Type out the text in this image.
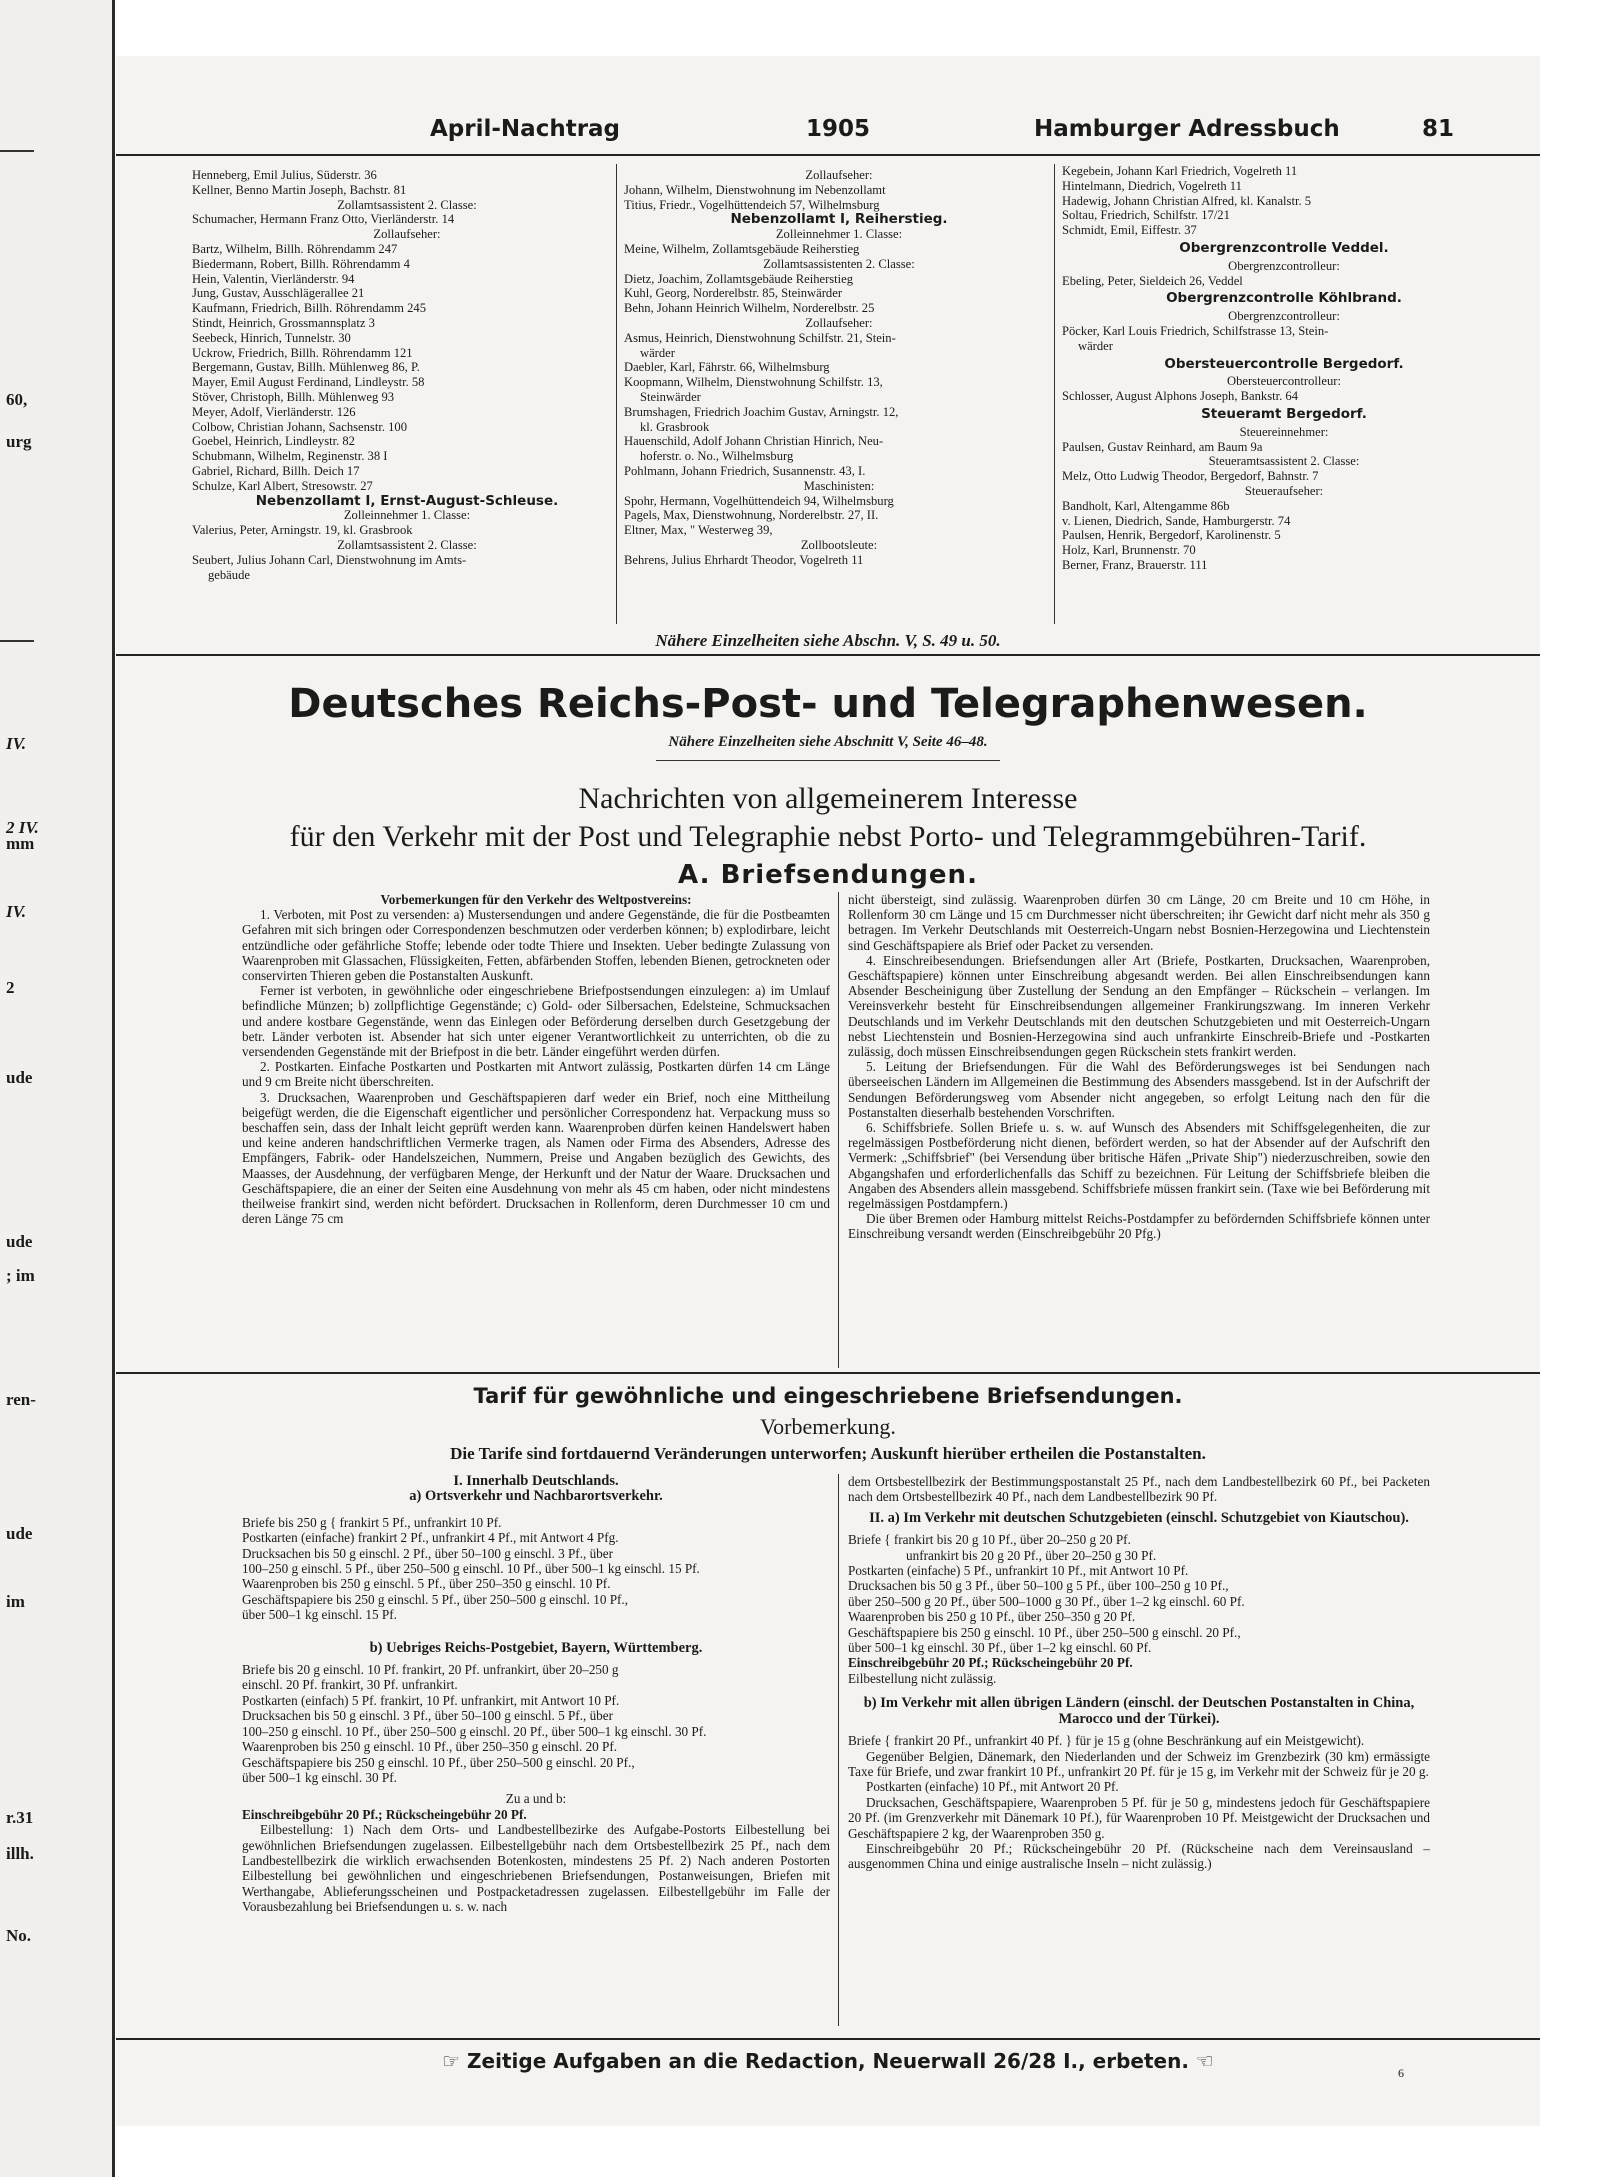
60,
urg
IV.
2 IV.
mm
IV.
2
ude
ude
; im
ren-
ude
im
r.31
illh.
No.
April-Nachtrag	1905	Hamburger Adressbuch	81
Henneberg, Emil Julius, Süderstr. 36
Kellner, Benno Martin Joseph, Bachstr. 81
Zollamtsassistent 2. Classe:
Schumacher, Hermann Franz Otto, Vierländerstr. 14
Zollaufseher:
Bartz, Wilhelm, Billh. Röhrendamm 247
Biedermann, Robert, Billh. Röhrendamm 4
Hein, Valentin, Vierländerstr. 94
Jung, Gustav, Ausschlägerallee 21
Kaufmann, Friedrich, Billh. Röhrendamm 245
Stindt, Heinrich, Grossmannsplatz 3
Seebeck, Hinrich, Tunnelstr. 30
Uckrow, Friedrich, Billh. Röhrendamm 121
Bergemann, Gustav, Billh. Mühlenweg 86, P.
Mayer, Emil August Ferdinand, Lindleystr. 58
Stöver, Christoph, Billh. Mühlenweg 93
Meyer, Adolf, Vierländerstr. 126
Colbow, Christian Johann, Sachsenstr. 100
Goebel, Heinrich, Lindleystr. 82
Schubmann, Wilhelm, Reginenstr. 38 I
Gabriel, Richard, Billh. Deich 17
Schulze, Karl Albert, Stresowstr. 27
Nebenzollamt I, Ernst-August-Schleuse.
Zolleinnehmer 1. Classe:
Valerius, Peter, Arningstr. 19, kl. Grasbrook
Zollamtsassistent 2. Classe:
Seubert, Julius Johann Carl, Dienstwohnung im Amts-
gebäude
Zollaufseher:
Johann, Wilhelm, Dienstwohnung im Nebenzollamt
Titius, Friedr., Vogelhüttendeich 57, Wilhelmsburg
Nebenzollamt I, Reiherstieg.
Zolleinnehmer 1. Classe:
Meine, Wilhelm, Zollamtsgebäude Reiherstieg
Zollamtsassistenten 2. Classe:
Dietz, Joachim, Zollamtsgebäude Reiherstieg
Kuhl, Georg, Norderelbstr. 85, Steinwärder
Behn, Johann Heinrich Wilhelm, Norderelbstr. 25
Zollaufseher:
Asmus, Heinrich, Dienstwohnung Schilfstr. 21, Stein-
wärder
Daebler, Karl, Fährstr. 66, Wilhelmsburg
Koopmann, Wilhelm, Dienstwohnung Schilfstr. 13,
Steinwärder
Brumshagen, Friedrich Joachim Gustav, Arningstr. 12,
kl. Grasbrook
Hauenschild, Adolf Johann Christian Hinrich, Neu-
hoferstr. o. No., Wilhelmsburg
Pohlmann, Johann Friedrich, Susannenstr. 43, I.
Maschinisten:
Spohr, Hermann, Vogelhüttendeich 94, Wilhelmsburg
Pagels, Max, Dienstwohnung, Norderelbstr. 27, II.
Eltner, Max, " Westerweg 39,
Zollbootsleute:
Behrens, Julius Ehrhardt Theodor, Vogelreth 11
Kegebein, Johann Karl Friedrich, Vogelreth 11
Hintelmann, Diedrich, Vogelreth 11
Hadewig, Johann Christian Alfred, kl. Kanalstr. 5
Soltau, Friedrich, Schilfstr. 17/21
Schmidt, Emil, Eiffestr. 37
Obergrenzcontrolle Veddel.
Obergrenzcontrolleur:
Ebeling, Peter, Sieldeich 26, Veddel
Obergrenzcontrolle Köhlbrand.
Obergrenzcontrolleur:
Pöcker, Karl Louis Friedrich, Schilfstrasse 13, Stein-
wärder
Obersteuercontrolle Bergedorf.
Obersteuercontrolleur:
Schlosser, August Alphons Joseph, Bankstr. 64
Steueramt Bergedorf.
Steuereinnehmer:
Paulsen, Gustav Reinhard, am Baum 9a
Steueramtsassistent 2. Classe:
Melz, Otto Ludwig Theodor, Bergedorf, Bahnstr. 7
Steueraufseher:
Bandholt, Karl, Altengamme 86b
v. Lienen, Diedrich, Sande, Hamburgerstr. 74
Paulsen, Henrik, Bergedorf, Karolinenstr. 5
Holz, Karl, Brunnenstr. 70
Berner, Franz, Brauerstr. 111
Nähere Einzelheiten siehe Abschn. V, S. 49 u. 50.
Deutsches Reichs-Post- und Telegraphenwesen.
Nähere Einzelheiten siehe Abschnitt V, Seite 46–48.
Nachrichten von allgemeinerem Interesse
für den Verkehr mit der Post und Telegraphie nebst Porto- und Telegrammgebühren-Tarif.
A. Briefsendungen.

Vorbemerkungen für den Verkehr des Weltpostvereins:

1. Verboten, mit Post zu versenden: a) Mustersendungen und andere Gegenstände, die für die Postbeamten Gefahren mit sich bringen oder Correspondenzen beschmutzen oder verderben können; b) explodirbare, leicht entzündliche oder gefährliche Stoffe; lebende oder todte Thiere und Insekten. Ueber bedingte Zulassung von Waarenproben mit Glassachen, Flüssigkeiten, Fetten, abfärbenden Stoffen, lebenden Bienen, getrockneten oder conservirten Thieren geben die Postanstalten Auskunft.

Ferner ist verboten, in gewöhnliche oder eingeschriebene Briefpostsendungen einzulegen: a) im Umlauf befindliche Münzen; b) zollpflichtige Gegenstände; c) Gold- oder Silbersachen, Edelsteine, Schmucksachen und andere kostbare Gegenstände, wenn das Einlegen oder Beförderung derselben durch Gesetzgebung der betr. Länder verboten ist. Absender hat sich unter eigener Verantwortlichkeit zu unterrichten, ob die zu versendenden Gegenstände mit der Briefpost in die betr. Länder eingeführt werden dürfen.

2. Postkarten. Einfache Postkarten und Postkarten mit Antwort zulässig, Postkarten dürfen 14 cm Länge und 9 cm Breite nicht überschreiten.

3. Drucksachen, Waarenproben und Geschäftspapieren darf weder ein Brief, noch eine Mittheilung beigefügt werden, die die Eigenschaft eigentlicher und persönlicher Correspondenz hat. Verpackung muss so beschaffen sein, dass der Inhalt leicht geprüft werden kann. Waarenproben dürfen keinen Handelswert haben und keine anderen handschriftlichen Vermerke tragen, als Namen oder Firma des Absenders, Adresse des Empfängers, Fabrik- oder Handelszeichen, Nummern, Preise und Angaben bezüglich des Gewichts, des Maasses, der Ausdehnung, der verfügbaren Menge, der Herkunft und der Natur der Waare. Drucksachen und Geschäftspapiere, die an einer der Seiten eine Ausdehnung von mehr als 45 cm haben, oder nicht mindestens theilweise frankirt sind, werden nicht befördert. Drucksachen in Rollenform, deren Durchmesser 10 cm und deren Länge 75 cm

nicht übersteigt, sind zulässig. Waarenproben dürfen 30 cm Länge, 20 cm Breite und 10 cm Höhe, in Rollenform 30 cm Länge und 15 cm Durchmesser nicht überschreiten; ihr Gewicht darf nicht mehr als 350 g betragen. Im Verkehr Deutschlands mit Oesterreich-Ungarn nebst Bosnien-Herzegowina und Liechtenstein sind Geschäftspapiere als Brief oder Packet zu versenden.

4. Einschreibesendungen. Briefsendungen aller Art (Briefe, Postkarten, Drucksachen, Waarenproben, Geschäftspapiere) können unter Einschreibung abgesandt werden. Bei allen Einschreibsendungen kann Absender Bescheinigung über Zustellung der Sendung an den Empfänger – Rückschein – verlangen. Im Vereinsverkehr besteht für Einschreibsendungen allgemeiner Frankirungszwang. Im inneren Verkehr Deutschlands und im Verkehr Deutschlands mit den deutschen Schutzgebieten und mit Oesterreich-Ungarn nebst Liechtenstein und Bosnien-Herzegowina sind auch unfrankirte Einschreib-Briefe und -Postkarten zulässig, doch müssen Einschreibsendungen gegen Rückschein stets frankirt werden.

5. Leitung der Briefsendungen. Für die Wahl des Beförderungsweges ist bei Sendungen nach überseeischen Ländern im Allgemeinen die Bestimmung des Absenders massgebend. Ist in der Aufschrift der Sendungen Beförderungsweg vom Absender nicht angegeben, so erfolgt Leitung nach den für die Postanstalten dieserhalb bestehenden Vorschriften.

6. Schiffsbriefe. Sollen Briefe u. s. w. auf Wunsch des Absenders mit Schiffsgelegenheiten, die zur regelmässigen Postbeförderung nicht dienen, befördert werden, so hat der Absender auf der Aufschrift den Vermerk: „Schiffsbrief" (bei Versendung über britische Häfen „Private Ship") niederzuschreiben, sowie den Abgangshafen und erforderlichenfalls das Schiff zu bezeichnen. Für Leitung der Schiffsbriefe bleiben die Angaben des Absenders allein massgebend. Schiffsbriefe müssen frankirt sein. (Taxe wie bei Beförderung mit regelmässigen Postdampfern.)

Die über Bremen oder Hamburg mittelst Reichs-Postdampfer zu befördernden Schiffsbriefe können unter Einschreibung versandt werden (Einschreibgebühr 20 Pfg.)

Tarif für gewöhnliche und eingeschriebene Briefsendungen.
Vorbemerkung.
Die Tarife sind fortdauernd Veränderungen unterworfen; Auskunft hierüber ertheilen die Postanstalten.
I. Innerhalb Deutschlands.
a) Ortsverkehr und Nachbarortsverkehr.
Briefe bis 250 g { frankirt 5 Pf., unfrankirt 10 Pf.
Postkarten (einfache) frankirt 2 Pf., unfrankirt 4 Pf., mit Antwort 4 Pfg.
Drucksachen bis 50 g einschl. 2 Pf., über 50–100 g einschl. 3 Pf., über
100–250 g einschl. 5 Pf., über 250–500 g einschl. 10 Pf., über 500–1 kg einschl. 15 Pf.
Waarenproben bis 250 g einschl. 5 Pf., über 250–350 g einschl. 10 Pf.
Geschäftspapiere bis 250 g einschl. 5 Pf., über 250–500 g einschl. 10 Pf.,
über 500–1 kg einschl. 15 Pf.
b) Uebriges Reichs-Postgebiet, Bayern, Württemberg.
Briefe bis 20 g einschl. 10 Pf. frankirt, 20 Pf. unfrankirt, über 20–250 g
einschl. 20 Pf. frankirt, 30 Pf. unfrankirt.
Postkarten (einfach) 5 Pf. frankirt, 10 Pf. unfrankirt, mit Antwort 10 Pf.
Drucksachen bis 50 g einschl. 3 Pf., über 50–100 g einschl. 5 Pf., über
100–250 g einschl. 10 Pf., über 250–500 g einschl. 20 Pf., über 500–1 kg einschl. 30 Pf.
Waarenproben bis 250 g einschl. 10 Pf., über 250–350 g einschl. 20 Pf.
Geschäftspapiere bis 250 g einschl. 10 Pf., über 250–500 g einschl. 20 Pf.,
über 500–1 kg einschl. 30 Pf.
Zu a und b:
Einschreibgebühr 20 Pf.; Rückscheingebühr 20 Pf.
Eilbestellung: 1) Nach dem Orts- und Landbestellbezirke des Aufgabe-Postorts Eilbestellung bei gewöhnlichen Briefsendungen zugelassen. Eilbestellgebühr nach dem Ortsbestellbezirk 25 Pf., nach dem Landbestellbezirk die wirklich erwachsenden Botenkosten, mindestens 25 Pf. 2) Nach anderen Postorten Eilbestellung bei gewöhnlichen und eingeschriebenen Briefsendungen, Postanweisungen, Briefen mit Werthangabe, Ablieferungsscheinen und Postpacketadressen zugelassen. Eilbestellgebühr im Falle der Vorausbezahlung bei Briefsendungen u. s. w. nach
dem Ortsbestellbezirk der Bestimmungspostanstalt 25 Pf., nach dem Landbestellbezirk 60 Pf., bei Packeten nach dem Ortsbestellbezirk 40 Pf., nach dem Landbestellbezirk 90 Pf.
II. a) Im Verkehr mit deutschen Schutzgebieten (einschl. Schutzgebiet von Kiautschou).
Briefe { frankirt bis 20 g 10 Pf., über 20–250 g 20 Pf.
unfrankirt bis 20 g 20 Pf., über 20–250 g 30 Pf.
Postkarten (einfache) 5 Pf., unfrankirt 10 Pf., mit Antwort 10 Pf.
Drucksachen bis 50 g 3 Pf., über 50–100 g 5 Pf., über 100–250 g 10 Pf.,
über 250–500 g 20 Pf., über 500–1000 g 30 Pf., über 1–2 kg einschl. 60 Pf.
Waarenproben bis 250 g 10 Pf., über 250–350 g 20 Pf.
Geschäftspapiere bis 250 g einschl. 10 Pf., über 250–500 g einschl. 20 Pf.,
über 500–1 kg einschl. 30 Pf., über 1–2 kg einschl. 60 Pf.
Einschreibgebühr 20 Pf.; Rückscheingebühr 20 Pf.
Eilbestellung nicht zulässig.
b) Im Verkehr mit allen übrigen Ländern (einschl. der Deutschen Postanstalten in China, Marocco und der Türkei).
Briefe { frankirt 20 Pf., unfrankirt 40 Pf. } für je 15 g (ohne Beschränkung auf ein Meistgewicht).
Gegenüber Belgien, Dänemark, den Niederlanden und der Schweiz im Grenzbezirk (30 km) ermässigte Taxe für Briefe, und zwar frankirt 10 Pf., unfrankirt 20 Pf. für je 15 g, im Verkehr mit der Schweiz für je 20 g.
Postkarten (einfache) 10 Pf., mit Antwort 20 Pf.
Drucksachen, Geschäftspapiere, Waarenproben 5 Pf. für je 50 g, mindestens jedoch für Geschäftspapiere 20 Pf. (im Grenzverkehr mit Dänemark 10 Pf.), für Waarenproben 10 Pf. Meistgewicht der Drucksachen und Geschäftspapiere 2 kg, der Waarenproben 350 g.
Einschreibgebühr 20 Pf.; Rückscheingebühr 20 Pf. (Rückscheine nach dem Vereinsausland – ausgenommen China und einige australische Inseln – nicht zulässig.)
☞ Zeitige Aufgaben an die Redaction, Neuerwall 26/28 I., erbeten. ☜	6
